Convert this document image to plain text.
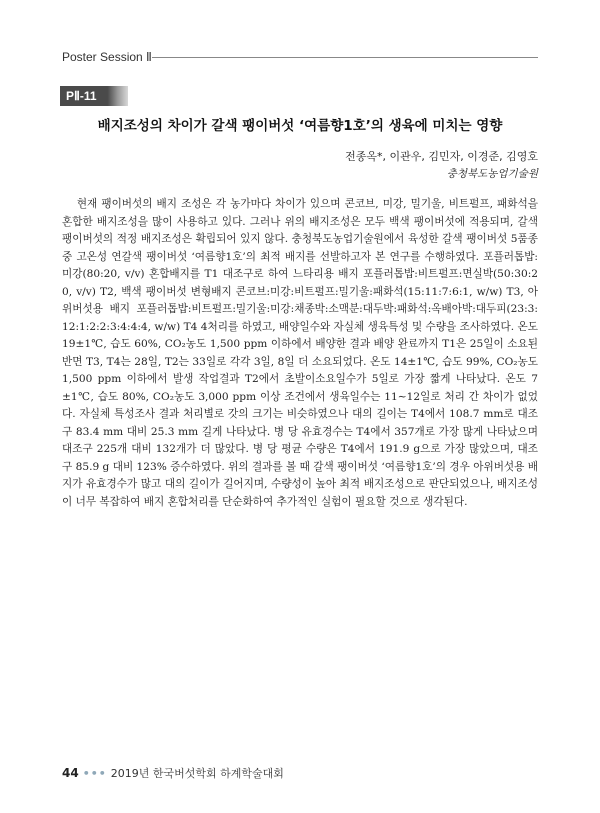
Poster Session Ⅱ
PⅡ-11
배지조성의 차이가 갈색 팽이버섯 ‘여름향1호’의 생육에 미치는 영향
전종옥*, 이관우, 김민자, 이경준, 김영호
충청북도농업기술원

현재 팽이버섯의 배지 조성은 각 농가마다 차이가 있으며 콘코브, 미강, 밀기울, 비트펄프, 패화석을 혼합한 배지조성을 많이 사용하고 있다. 그러나 위의 배지조성은 모두 백색 팽이버섯에 적용되며, 갈색 팽이버섯의 적정 배지조성은 확립되어 있지 않다. 충청북도농업기술원에서 육성한 갈색 팽이버섯 5품종 중 고온성 연갈색 팽이버섯 ‘여름향1호’의 최적 배지를 선발하고자 본 연구를 수행하였다. 포플러톱밥:미강(80:20, v/v) 혼합배지를 T1 대조구로 하여 느타리용 배지 포플러톱밥:비트펄프:면실박(50:30:20, v/v) T2, 백색 팽이버섯 변형배지 콘코브:미강:비트펄프:밀기울:패화석(15:11:7:6:1, w/w) T3, 아위버섯용 배지 포플러톱밥:비트펄프:밀기울:미강:채종박:소맥분:대두박:패화석:옥배아박:대두피(23:3:12:1:2:2:3:4:4:4, w/w) T4 4처리를 하였고, 배양일수와 자실체 생육특성 및 수량을 조사하였다. 온도 19±1℃, 습도 60%, CO₂농도 1,500 ppm 이하에서 배양한 결과 배양 완료까지 T1은 25일이 소요된 반면 T3, T4는 28일, T2는 33일로 각각 3일, 8일 더 소요되었다. 온도 14±1℃, 습도 99%, CO₂농도 1,500 ppm 이하에서 발생 작업결과 T2에서 초발이소요일수가 5일로 가장 짧게 나타났다. 온도 7±1℃, 습도 80%, CO₂농도 3,000 ppm 이상 조건에서 생육일수는 11∼12일로 처리 간 차이가 없었다. 자실체 특성조사 결과 처리별로 갓의 크기는 비슷하였으나 대의 길이는 T4에서 108.7 mm로 대조구 83.4 mm 대비 25.3 mm 길게 나타났다. 병 당 유효경수는 T4에서 357개로 가장 많게 나타났으며 대조구 225개 대비 132개가 더 많았다. 병 당 평균 수량은 T4에서 191.9 g으로 가장 많았으며, 대조구 85.9 g 대비 123% 증수하였다. 위의 결과를 볼 때 갈색 팽이버섯 ‘여름향1호’의 경우 아위버섯용 배지가 유효경수가 많고 대의 길이가 길어지며, 수량성이 높아 최적 배지조성으로 판단되었으나, 배지조성이 너무 복잡하여 배지 혼합처리를 단순화하여 추가적인 실험이 필요할 것으로 생각된다.

44 ••• 2019년 한국버섯학회 하계학술대회
